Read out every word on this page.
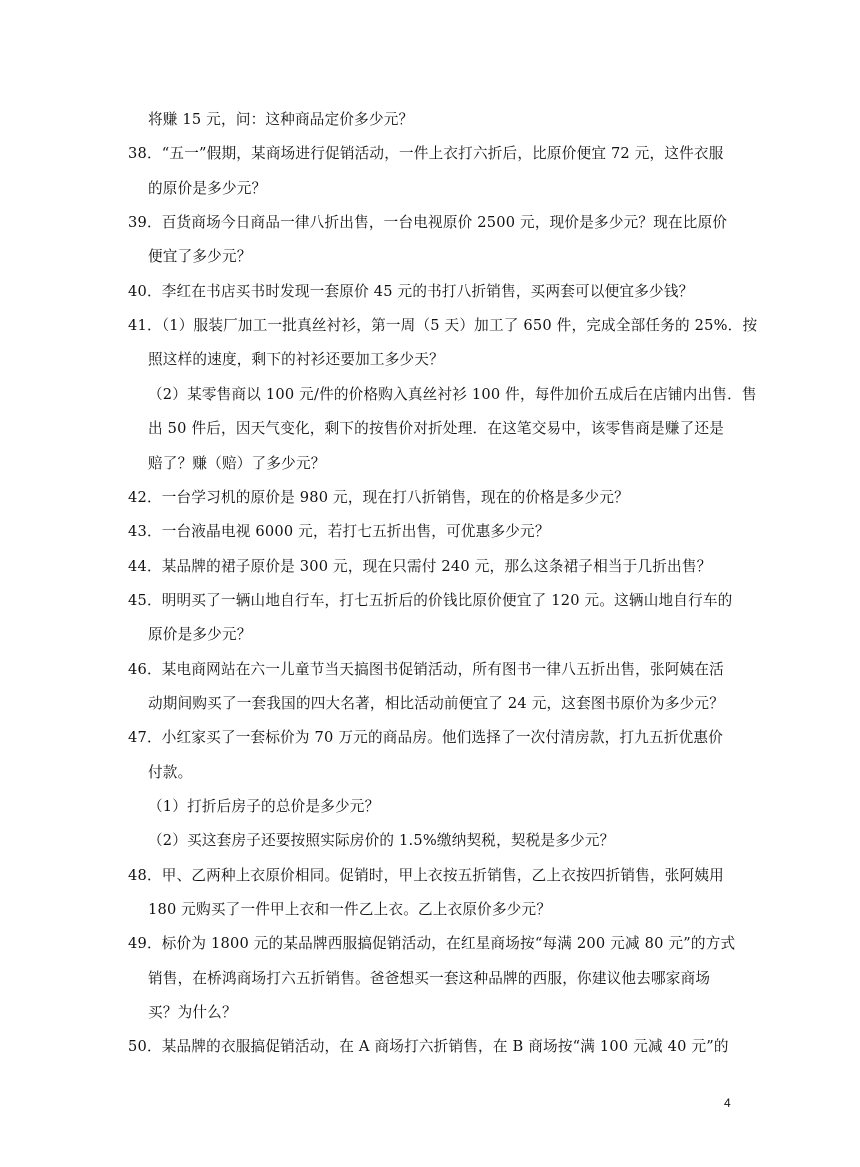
将赚 15 元，问：这种商品定价多少元？
38．“五一”假期，某商场进行促销活动，一件上衣打六折后，比原价便宜 72 元，这件衣服
的原价是多少元？
39．百货商场今日商品一律八折出售，一台电视原价 2500 元，现价是多少元？现在比原价
便宜了多少元？
40．李红在书店买书时发现一套原价 45 元的书打八折销售，买两套可以便宜多少钱？
41．（1）服装厂加工一批真丝衬衫，第一周（5 天）加工了 650 件，完成全部任务的 25%．按
照这样的速度，剩下的衬衫还要加工多少天？
（2）某零售商以 100 元/件的价格购入真丝衬衫 100 件，每件加价五成后在店铺内出售．售
出 50 件后，因天气变化，剩下的按售价对折处理．在这笔交易中，该零售商是赚了还是
赔了？赚（赔）了多少元？
42．一台学习机的原价是 980 元，现在打八折销售，现在的价格是多少元？
43．一台液晶电视 6000 元，若打七五折出售，可优惠多少元？
44．某品牌的裙子原价是 300 元，现在只需付 240 元，那么这条裙子相当于几折出售？
45．明明买了一辆山地自行车，打七五折后的价钱比原价便宜了 120 元。这辆山地自行车的
原价是多少元？
46．某电商网站在六一儿童节当天搞图书促销活动，所有图书一律八五折出售，张阿姨在活
动期间购买了一套我国的四大名著，相比活动前便宜了 24 元，这套图书原价为多少元？
47．小红家买了一套标价为 70 万元的商品房。他们选择了一次付清房款，打九五折优惠价
付款。
（1）打折后房子的总价是多少元？
（2）买这套房子还要按照实际房价的 1.5%缴纳契税，契税是多少元？
48．甲、乙两种上衣原价相同。促销时，甲上衣按五折销售，乙上衣按四折销售，张阿姨用
180 元购买了一件甲上衣和一件乙上衣。乙上衣原价多少元？
49．标价为 1800 元的某品牌西服搞促销活动，在红星商场按“每满 200 元减 80 元”的方式
销售，在桥鸿商场打六五折销售。爸爸想买一套这种品牌的西服，你建议他去哪家商场
买？为什么？
50．某品牌的衣服搞促销活动，在 A 商场打六折销售，在 B 商场按“满 100 元减 40 元”的
4
